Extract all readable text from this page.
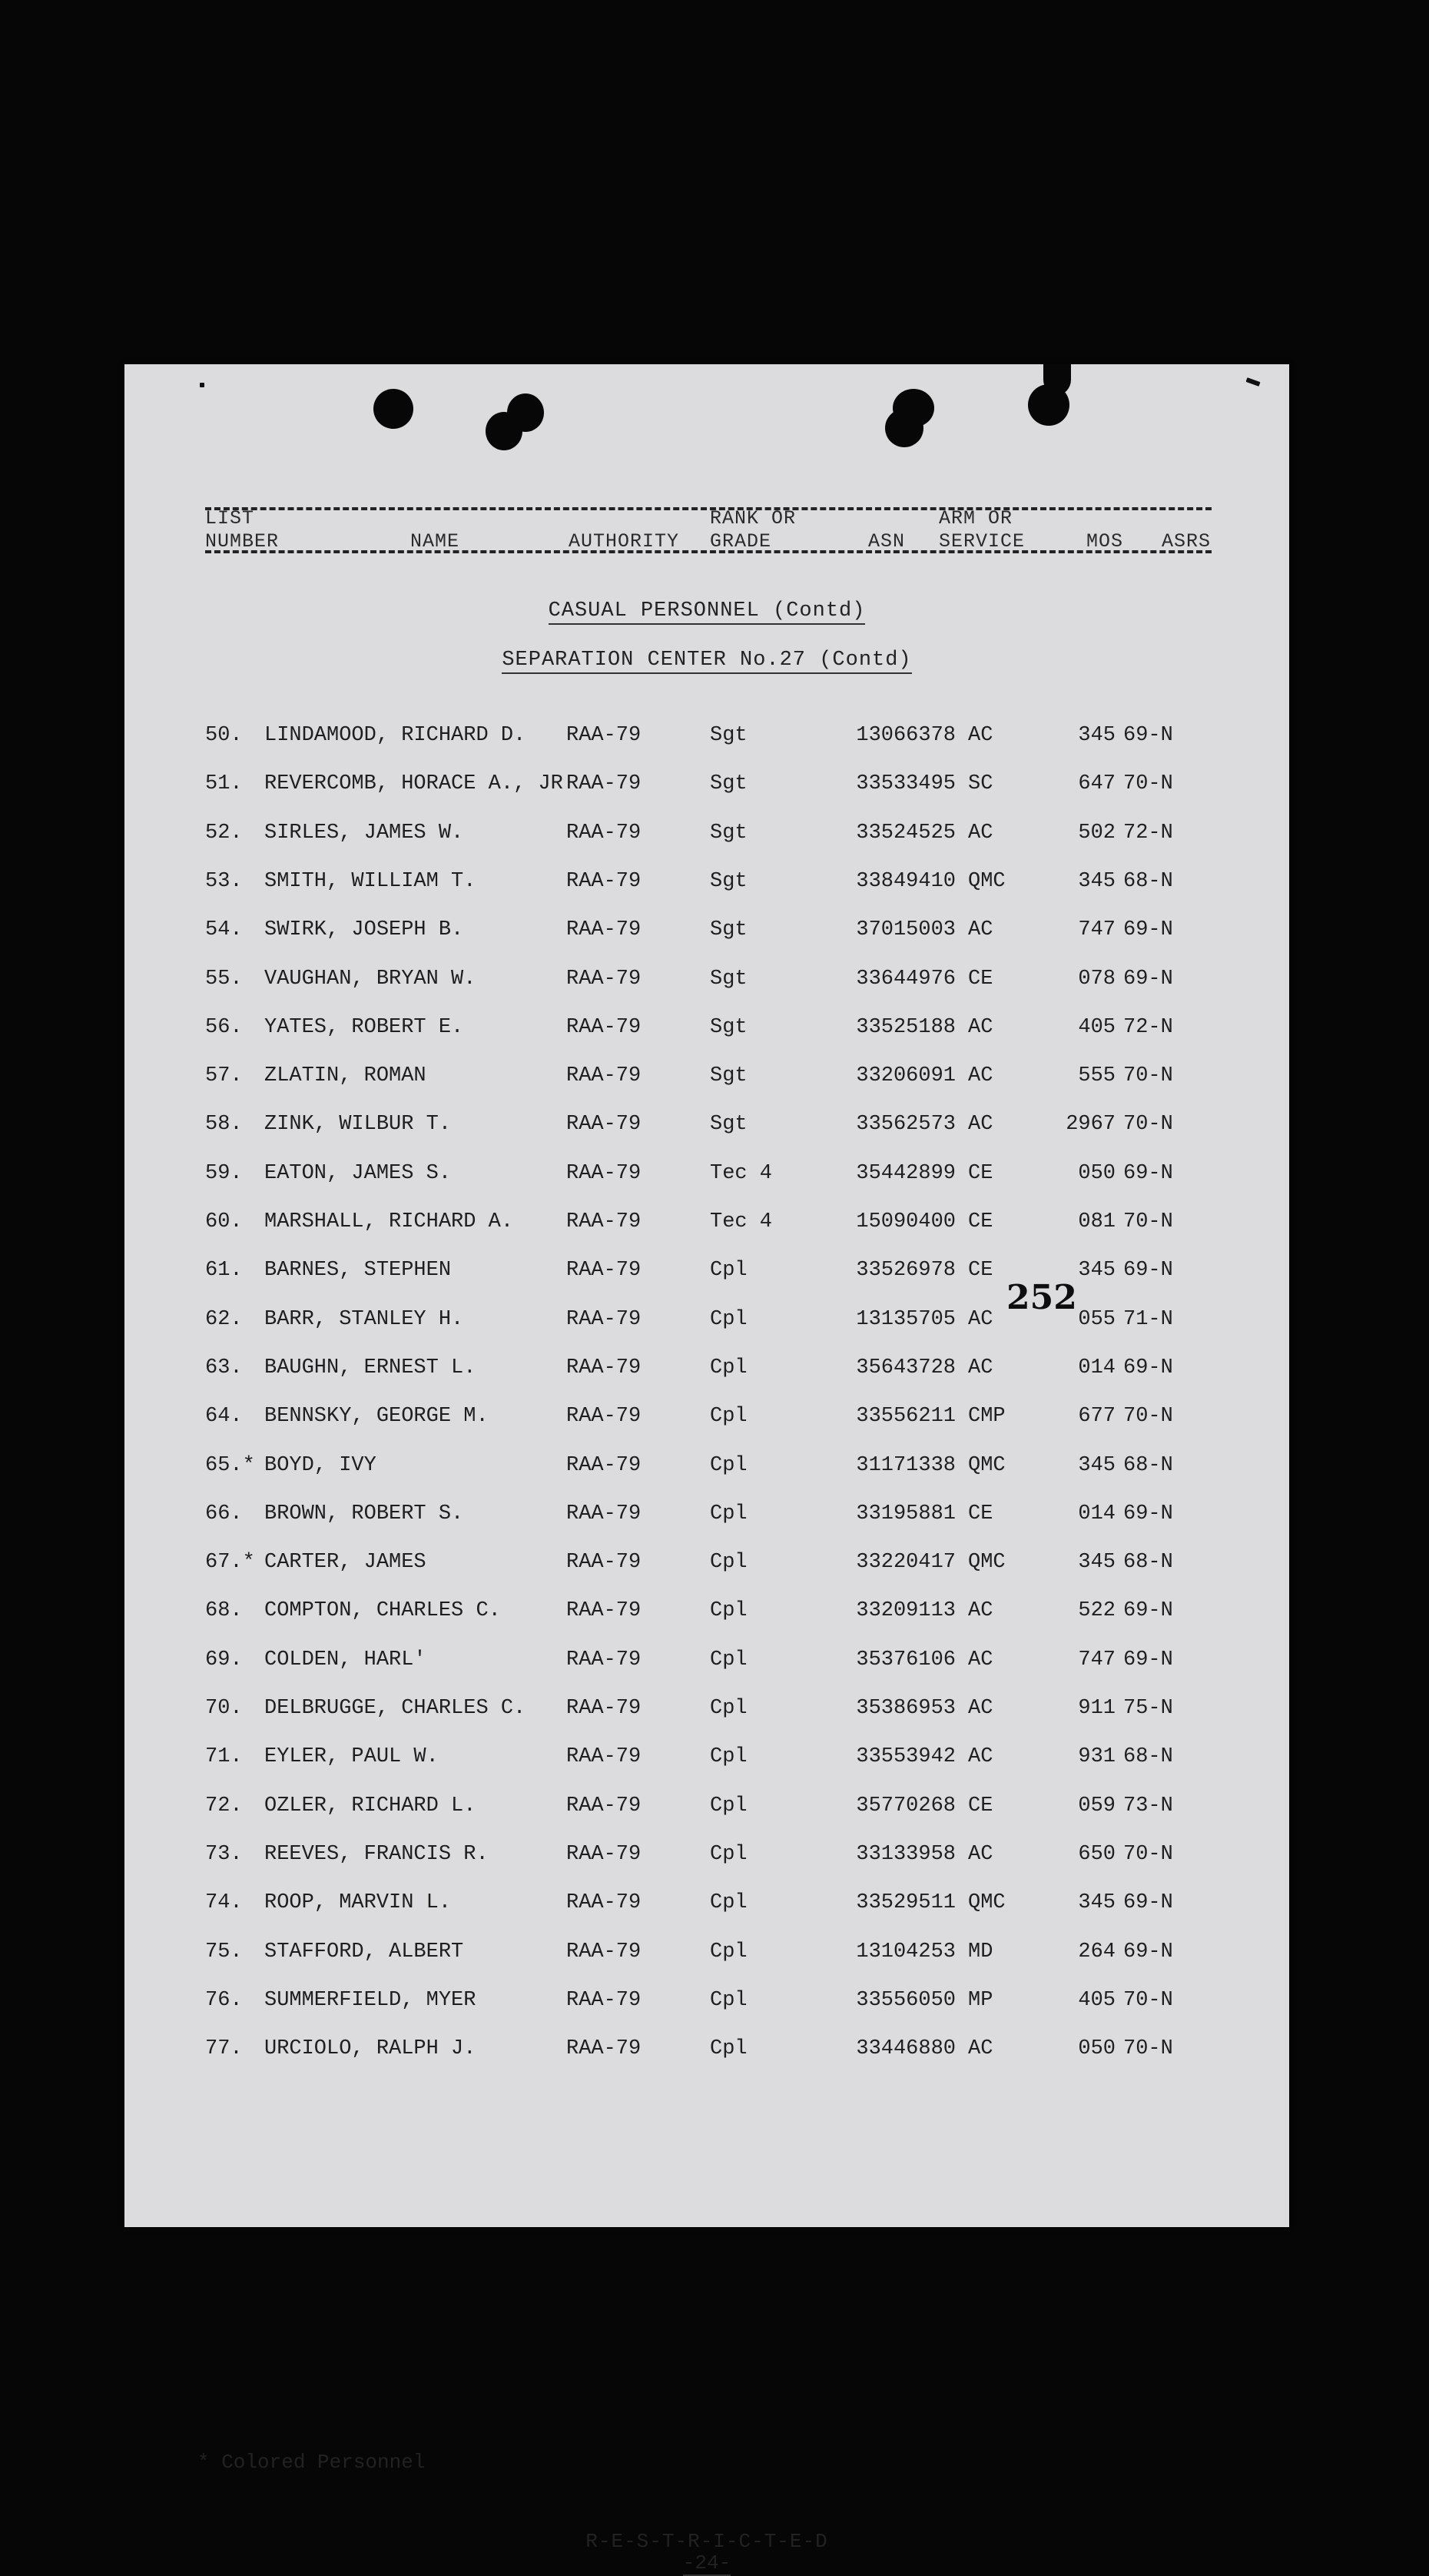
LIST
NUMBER	NAME	AUTHORITY
RANK OR
GRADE	ASN
ARM OR
SERVICE	MOS ASRS
CASUAL PERSONNEL (Contd)
SEPARATION CENTER No.27 (Contd)
50. LINDAMOOD, RICHARD D. RAA-79	Sgt	13066378 AC	345 69-N
51. REVERCOMB, HORACE A., JR RAA-79	Sgt	33533495 SC	647 70-N
52. SIRLES, JAMES W.	RAA-79	Sgt	33524525 AC	502 72-N
53. SMITH, WILLIAM T.	RAA-79	Sgt	33849410 QMC	345 68-N
54. SWIRK, JOSEPH B.	RAA-79	Sgt	37015003 AC	747 69-N
55. VAUGHAN, BRYAN W.	RAA-79	Sgt	33644976 CE	078 69-N
56. YATES, ROBERT E.	RAA-79	Sgt	33525188 AC	405 72-N
57. ZLATIN, ROMAN	RAA-79	Sgt	33206091 AC	555 70-N
58. ZINK, WILBUR T.	RAA-79	Sgt	33562573 AC	2967 70-N
59. EATON, JAMES S.	RAA-79	Tec 4	35442899 CE	050 69-N
60. MARSHALL, RICHARD A.	RAA-79	Tec 4	15090400 CE	081 70-N
61. BARNES, STEPHEN	RAA-79	Cpl	33526978 CE	345 69-N
62. BARR, STANLEY H.	RAA-79	Cpl	13135705 AC	055 71-N
63. BAUGHN, ERNEST L.	RAA-79	Cpl	35643728 AC	014 69-N
64. BENNSKY, GEORGE M.	RAA-79	Cpl	33556211 CMP	677 70-N
65.* BOYD, IVY	RAA-79	Cpl	31171338 QMC	345 68-N
66. BROWN, ROBERT S.	RAA-79	Cpl	33195881 CE	014 69-N
67.* CARTER, JAMES	RAA-79	Cpl	33220417 QMC	345 68-N
68. COMPTON, CHARLES C.	RAA-79	Cpl	33209113 AC	522 69-N
69. COLDEN, HARL'	RAA-79	Cpl	35376106 AC	747 69-N
70. DELBRUGGE, CHARLES C. RAA-79	Cpl	35386953 AC	911 75-N
71. EYLER, PAUL W.	RAA-79	Cpl	33553942 AC	931 68-N
72. OZLER, RICHARD L.	RAA-79	Cpl	35770268 CE	059 73-N
73. REEVES, FRANCIS R.	RAA-79	Cpl	33133958 AC	650 70-N
74. ROOP, MARVIN L.	RAA-79	Cpl	33529511 QMC	345 69-N
75. STAFFORD, ALBERT	RAA-79	Cpl	13104253 MD	264 69-N
76. SUMMERFIELD, MYER	RAA-79	Cpl	33556050 MP	405 70-N
77. URCIOLO, RALPH J.	RAA-79	Cpl	33446880 AC	050 70-N
252
* Colored Personnel
R-E-S-T-R-I-C-T-E-D
-24-
